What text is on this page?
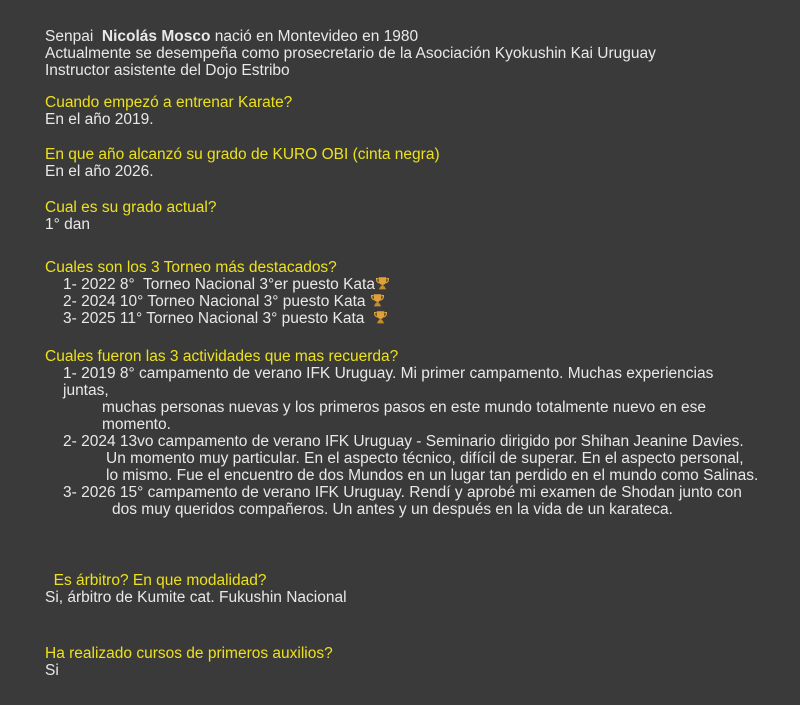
Senpai  Nicolás Mosco nació en Montevideo en 1980

Actualmente se desempeña como prosecretario de la Asociación Kyokushin Kai Uruguay

Instructor asistente del Dojo Estribo

Cuando empezó a entrenar Karate?

En el año 2019.

En que año alcanzó su grado de KURO OBI (cinta negra)

En el año 2026.

Cual es su grado actual?

1° dan

Cuales son los 3 Torneo más destacados?

1- 2022 8°  Torneo Nacional 3°er puesto Kata

2- 2024 10° Torneo Nacional 3° puesto Kata

3- 2025 11° Torneo Nacional 3° puesto Kata

Cuales fueron las 3 actividades que mas recuerda?

1- 2019 8° campamento de verano IFK Uruguay. Mi primer campamento. Muchas experiencias juntas,

muchas personas nuevas y los primeros pasos en este mundo totalmente nuevo en ese

momento.

2- 2024 13vo campamento de verano IFK Uruguay - Seminario dirigido por Shihan Jeanine Davies.

Un momento muy particular. En el aspecto técnico, difícil de superar. En el aspecto personal,

lo mismo. Fue el encuentro de dos Mundos en un lugar tan perdido en el mundo como Salinas.

3- 2026 15° campamento de verano IFK Uruguay. Rendí y aprobé mi examen de Shodan junto con

dos muy queridos compañeros. Un antes y un después en la vida de un karateca.

Es árbitro? En que modalidad?

Si, árbitro de Kumite cat. Fukushin Nacional

Ha realizado cursos de primeros auxilios?

Si
